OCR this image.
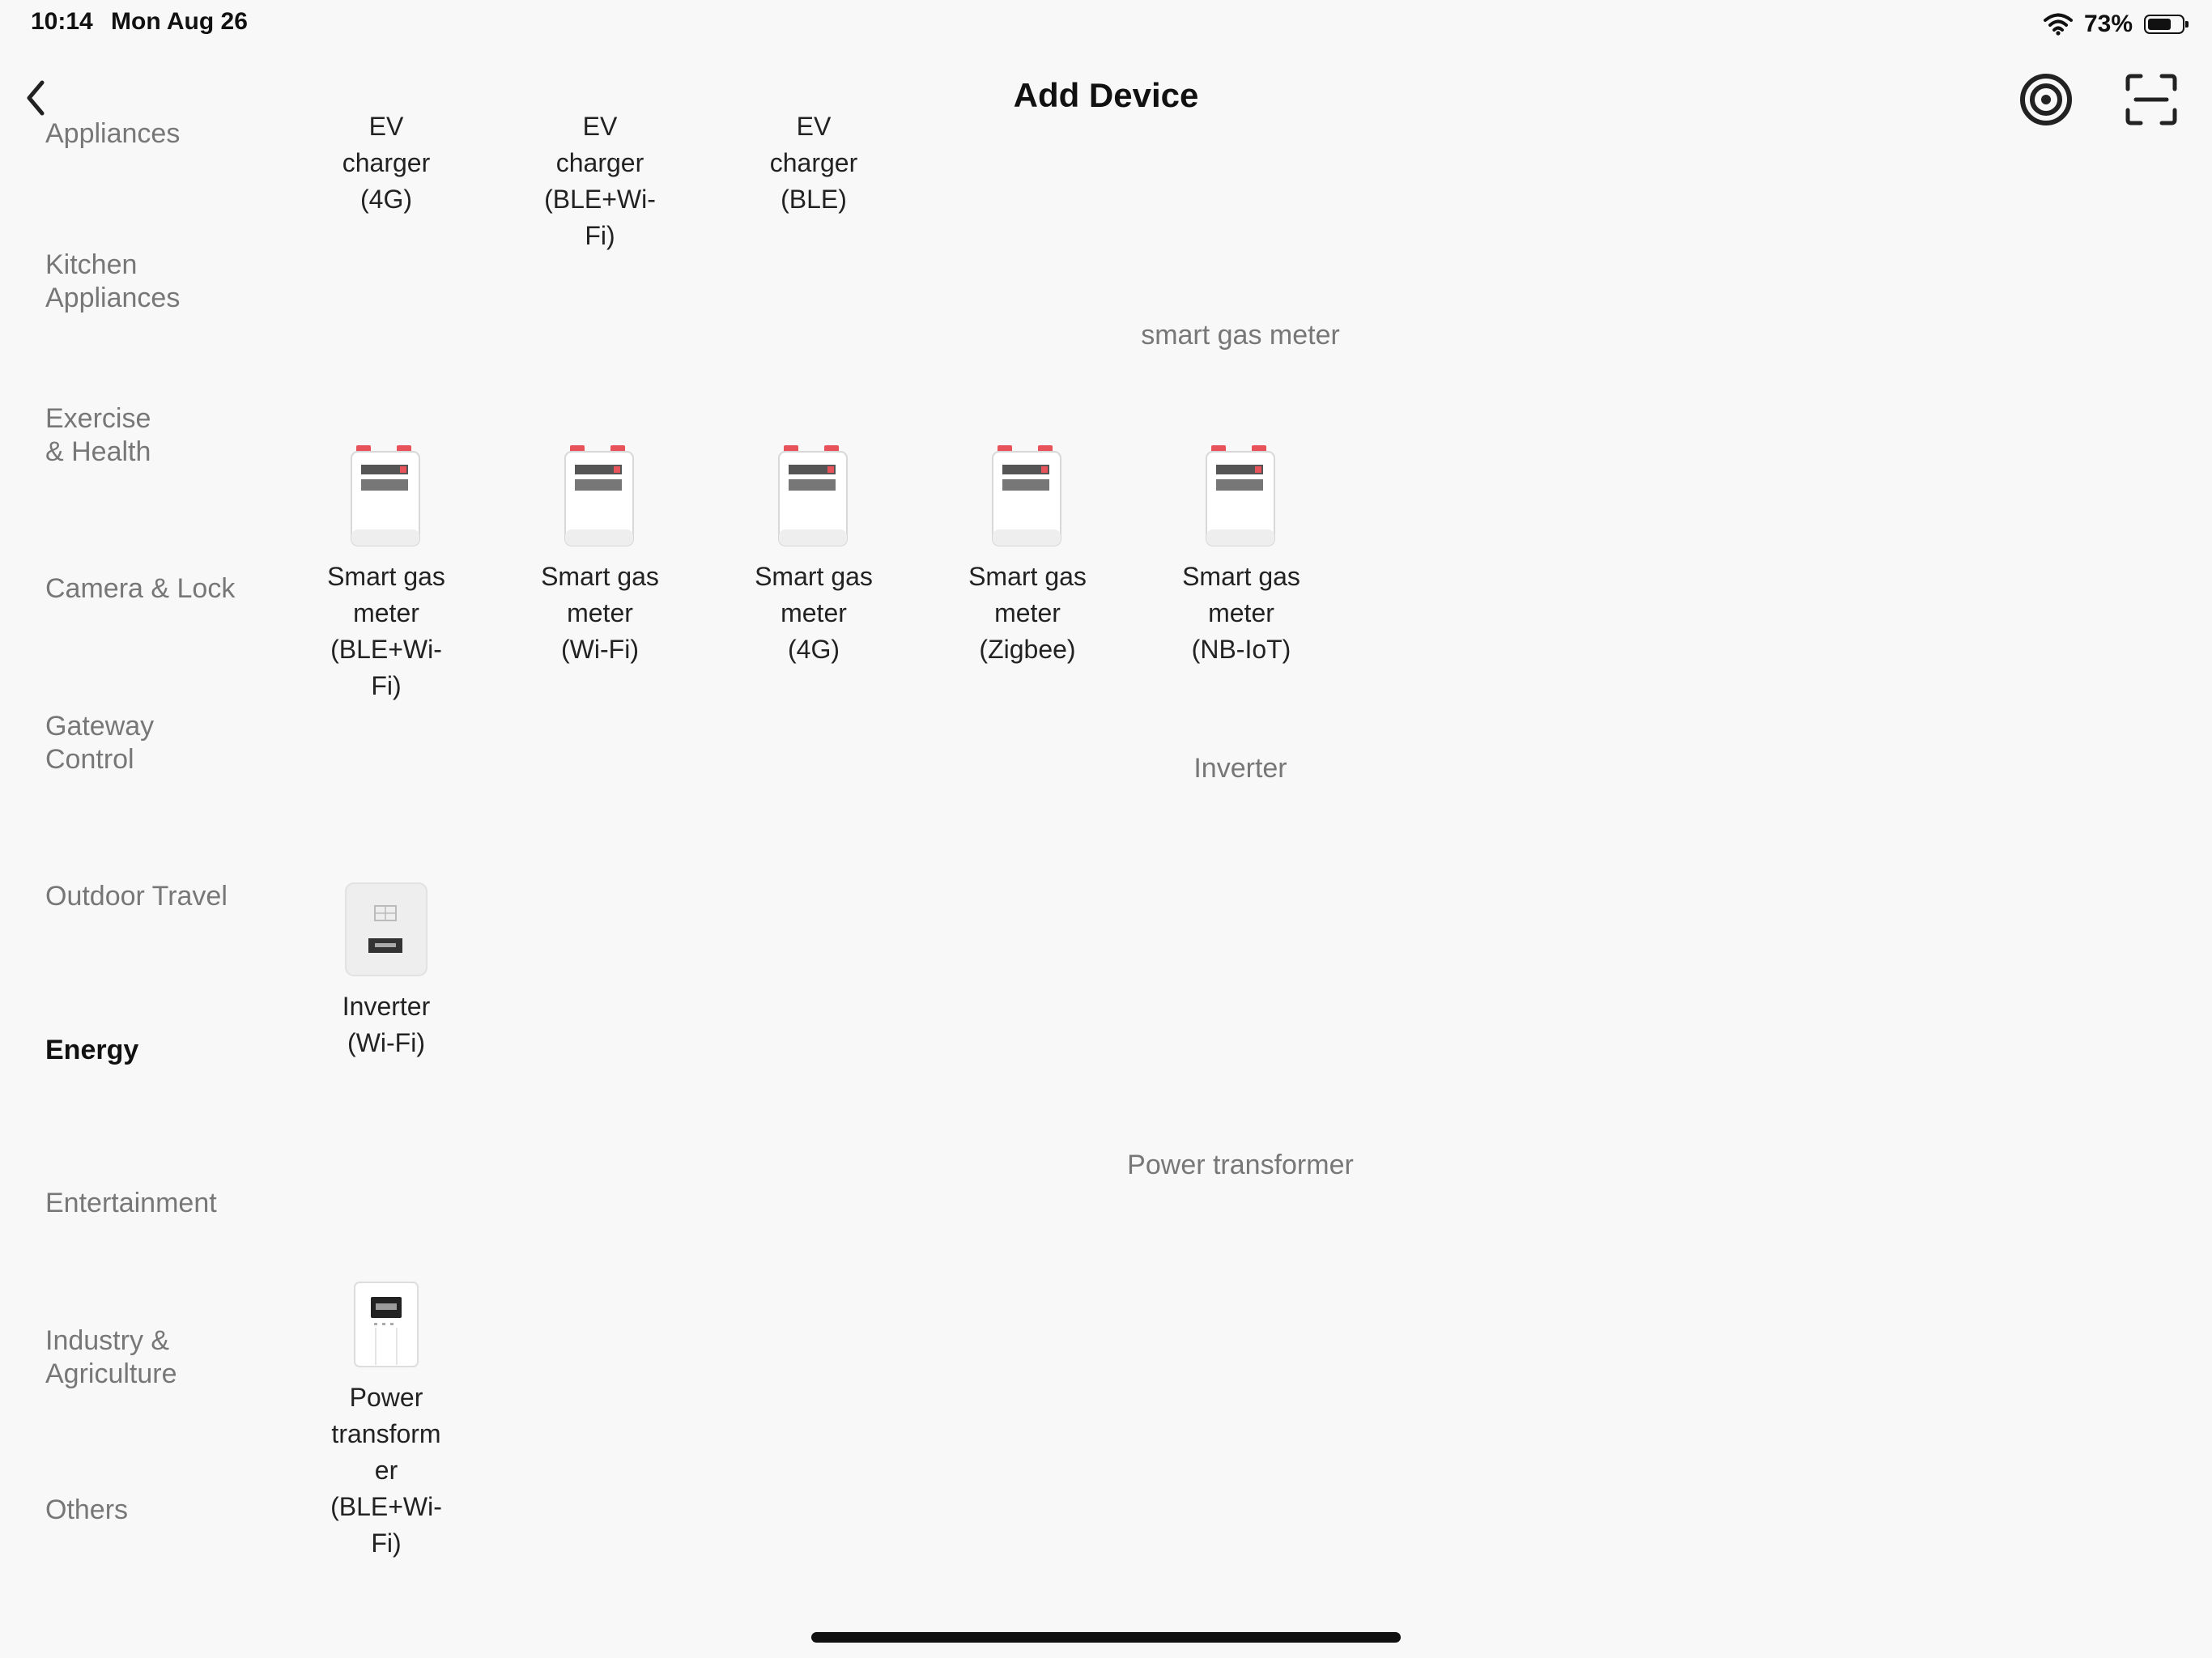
10:14 Mon Aug 26	73%
Add Device
Appliances
Kitchen
Appliances
Exercise
& Health
Camera & Lock
Gateway
Control
Outdoor Travel
Energy
Entertainment
Industry &
Agriculture
Others
EV
charger
(4G)
EV
charger
(BLE+Wi-
Fi)
EV
charger
(BLE)
smart gas meter
Smart gas
meter
(BLE+Wi-
Fi)
Smart gas
meter
(Wi-Fi)
Smart gas
meter
(4G)
Smart gas
meter
(Zigbee)
Smart gas
meter
(NB-IoT)
Inverter
Inverter
(Wi-Fi)
Power transformer
Power
transform
er
(BLE+Wi-
Fi)
